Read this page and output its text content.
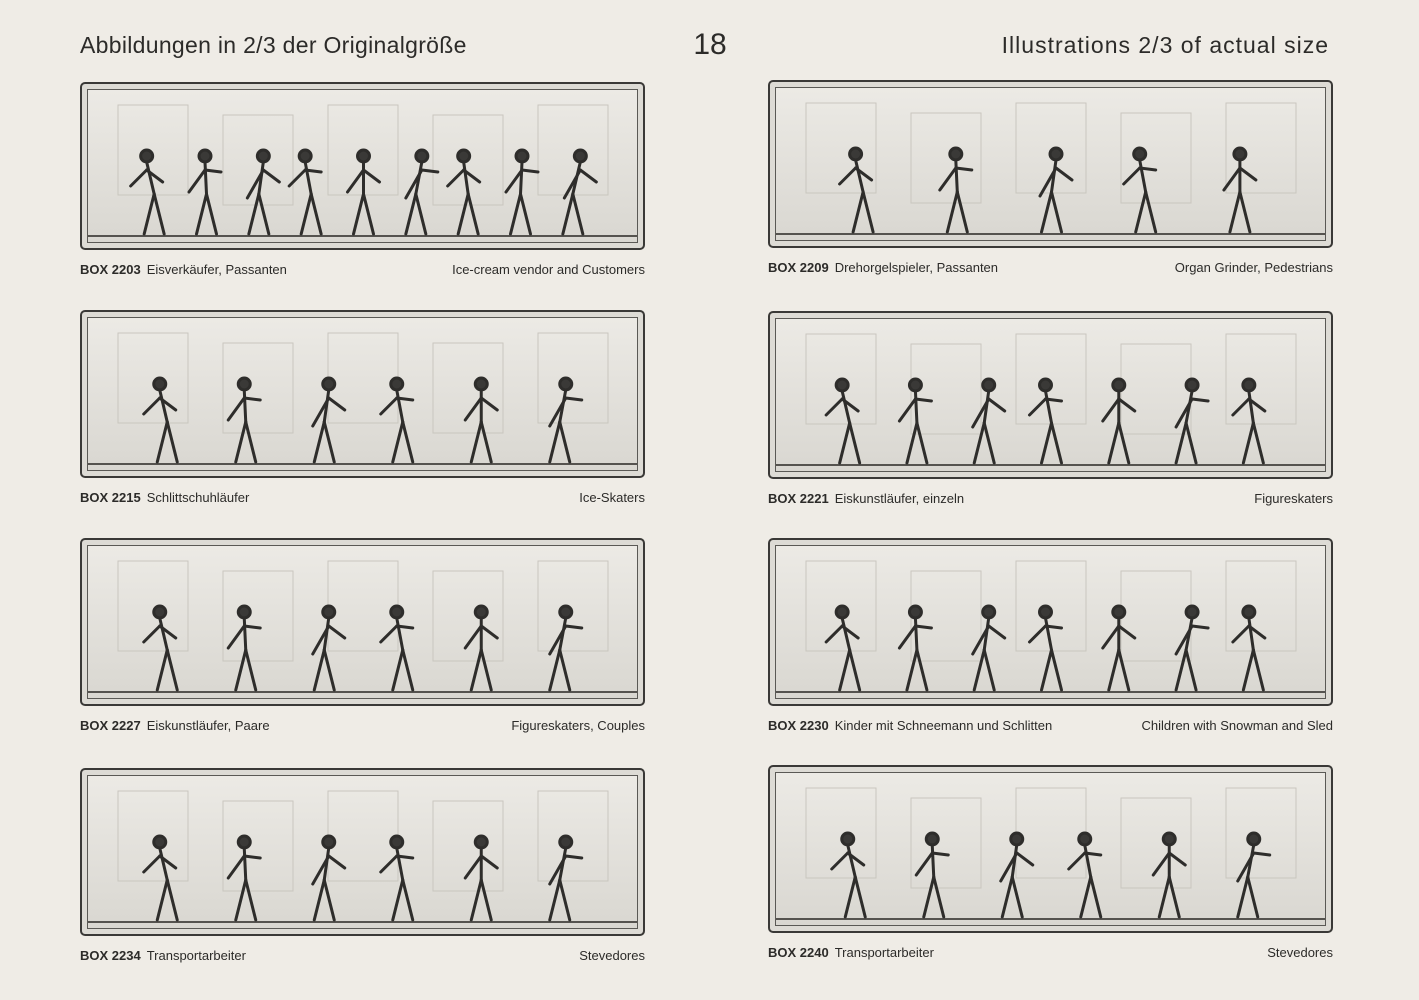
Abbildungen in 2/3 der Originalgröße	18	Illustrations 2/3 of actual size
BOX 2203 Eisverkäufer, Passanten	Ice-cream vendor and Customers	BOX 2209 Drehorgelspieler, Passanten	Organ Grinder, Pedestrians
BOX 2215 Schlittschuhläufer	Ice-Skaters	BOX 2221 Eiskunstläufer, einzeln	Figureskaters
BOX 2227 Eiskunstläufer, Paare	Figureskaters, Couples	BOX 2230 Kinder mit Schneemann und Schlitten	Children with Snowman and Sled
BOX 2234 Transportarbeiter	Stevedores	BOX 2240 Transportarbeiter	Stevedores
